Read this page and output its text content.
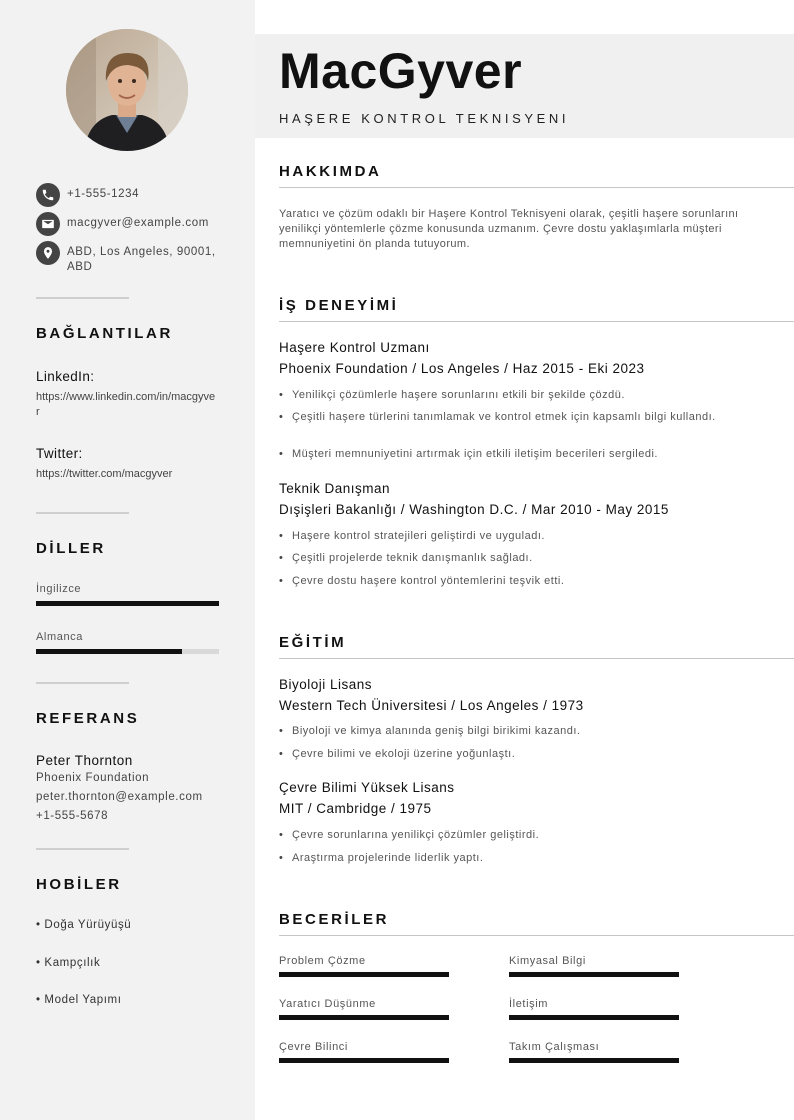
+1-555-1234
macgyver@example.com
ABD, Los Angeles, 90001, ABD
BAĞLANTILAR
LinkedIn:
https://www.linkedin.com/in/macgyver
Twitter:
https://twitter.com/macgyver
DİLLER
İngilizce
Almanca
REFERANS
Peter Thornton
Phoenix Foundation
peter.thornton@example.com
+1-555-5678
HOBİLER
• Doğa Yürüyüşü
• Kampçılık
• Model Yapımı
MacGyver
HAŞERE KONTROL TEKNISYENI
HAKKIMDA
Yaratıcı ve çözüm odaklı bir Haşere Kontrol Teknisyeni olarak, çeşitli haşere sorunlarını yenilikçi yöntemlerle çözme konusunda uzmanım. Çevre dostu yaklaşımlarla müşteri memnuniyetini ön planda tutuyorum.
İŞ DENEYİMİ
Haşere Kontrol Uzmanı
Phoenix Foundation / Los Angeles / Haz 2015 - Eki 2023
• Yenilikçi çözümlerle haşere sorunlarını etkili bir şekilde çözdü.
• Çeşitli haşere türlerini tanımlamak ve kontrol etmek için kapsamlı bilgi kullandı.
• Müşteri memnuniyetini artırmak için etkili iletişim becerileri sergiledi.
Teknik Danışman
Dışişleri Bakanlığı / Washington D.C. / Mar 2010 - May 2015
• Haşere kontrol stratejileri geliştirdi ve uyguladı.
• Çeşitli projelerde teknik danışmanlık sağladı.
• Çevre dostu haşere kontrol yöntemlerini teşvik etti.
EĞİTİM
Biyoloji Lisans
Western Tech Üniversitesi / Los Angeles / 1973
• Biyoloji ve kimya alanında geniş bilgi birikimi kazandı.
• Çevre bilimi ve ekoloji üzerine yoğunlaştı.
Çevre Bilimi Yüksek Lisans
MIT / Cambridge / 1975
• Çevre sorunlarına yenilikçi çözümler geliştirdi.
• Araştırma projelerinde liderlik yaptı.
BECERİLER
Problem Çözme	Kimyasal Bilgi
Yaratıcı Düşünme	İletişim
Çevre Bilinci	Takım Çalışması
